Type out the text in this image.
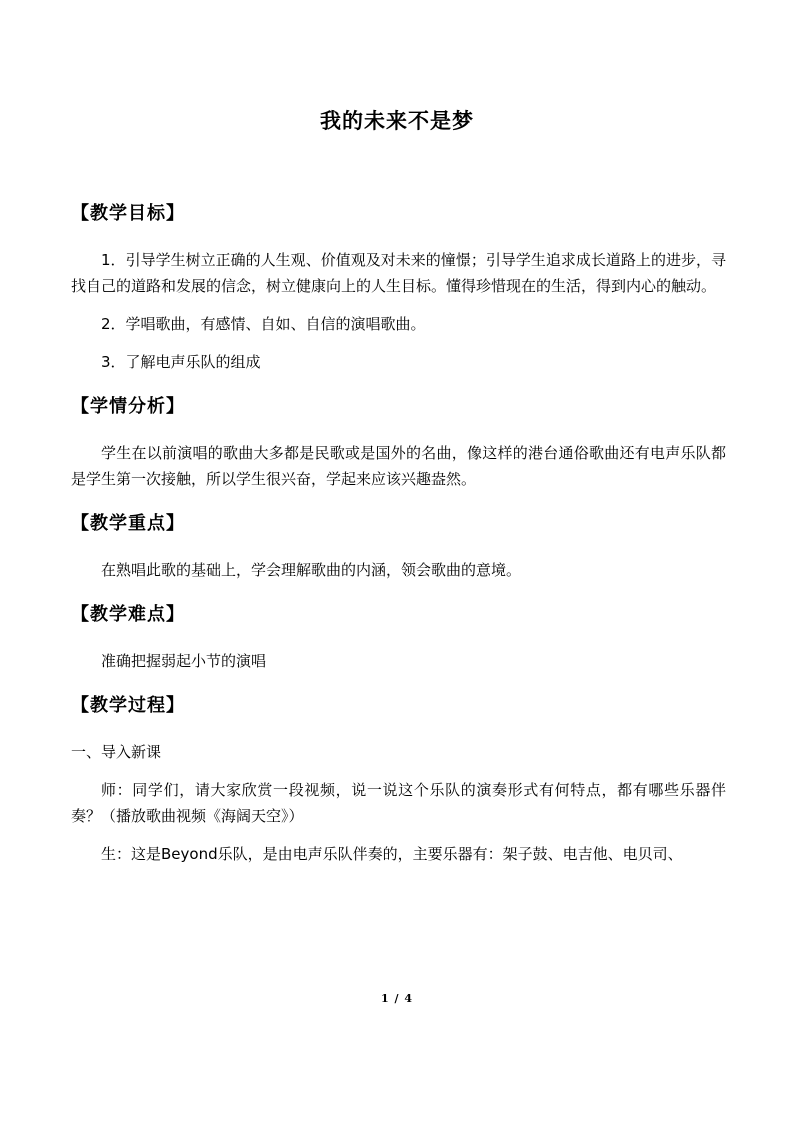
我的未来不是梦
【教学目标】

1．引导学生树立正确的人生观、价值观及对未来的憧憬；引导学生追求成长道路上的进步，寻找自己的道路和发展的信念，树立健康向上的人生目标。懂得珍惜现在的生活，得到内心的触动。

2．学唱歌曲，有感情、自如、自信的演唱歌曲。

3．了解电声乐队的组成

【学情分析】

学生在以前演唱的歌曲大多都是民歌或是国外的名曲，像这样的港台通俗歌曲还有电声乐队都是学生第一次接触，所以学生很兴奋，学起来应该兴趣盎然。

【教学重点】

在熟唱此歌的基础上，学会理解歌曲的内涵，领会歌曲的意境。

【教学难点】

准确把握弱起小节的演唱

【教学过程】

一、导入新课

师：同学们，请大家欣赏一段视频，说一说这个乐队的演奏形式有何特点，都有哪些乐器伴奏？（播放歌曲视频《海阔天空》）

生：这是Beyond乐队，是由电声乐队伴奏的，主要乐器有：架子鼓、电吉他、电贝司、

1 / 4
